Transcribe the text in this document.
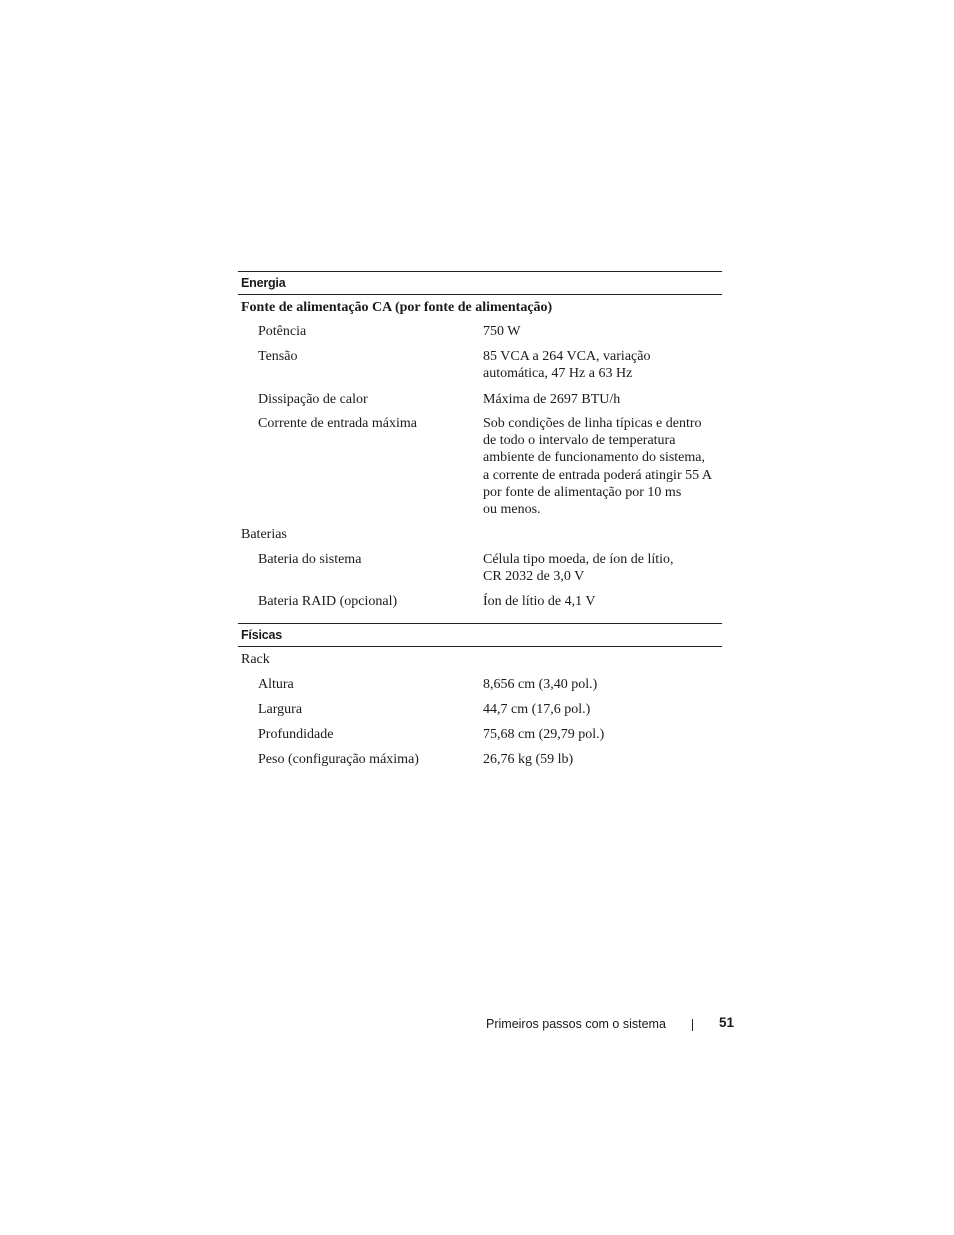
Energia
Fonte de alimentação CA (por fonte de alimentação)
Potência	750 W
Tensão	85 VCA a 264 VCA, variação
automática, 47 Hz a 63 Hz
Dissipação de calor	Máxima de 2697 BTU/h
Corrente de entrada máxima	Sob condições de linha típicas e dentro
de todo o intervalo de temperatura
ambiente de funcionamento do sistema,
a corrente de entrada poderá atingir 55 A
por fonte de alimentação por 10 ms
ou menos.
Baterias
Bateria do sistema	Célula tipo moeda, de íon de lítio,
CR 2032 de 3,0 V
Bateria RAID (opcional)	Íon de lítio de 4,1 V
Físicas
Rack
Altura	8,656 cm (3,40 pol.)
Largura	44,7 cm (17,6 pol.)
Profundidade	75,68 cm (29,79 pol.)
Peso (configuração máxima)	26,76 kg (59 lb)
Primeiros passos com o sistema	51
